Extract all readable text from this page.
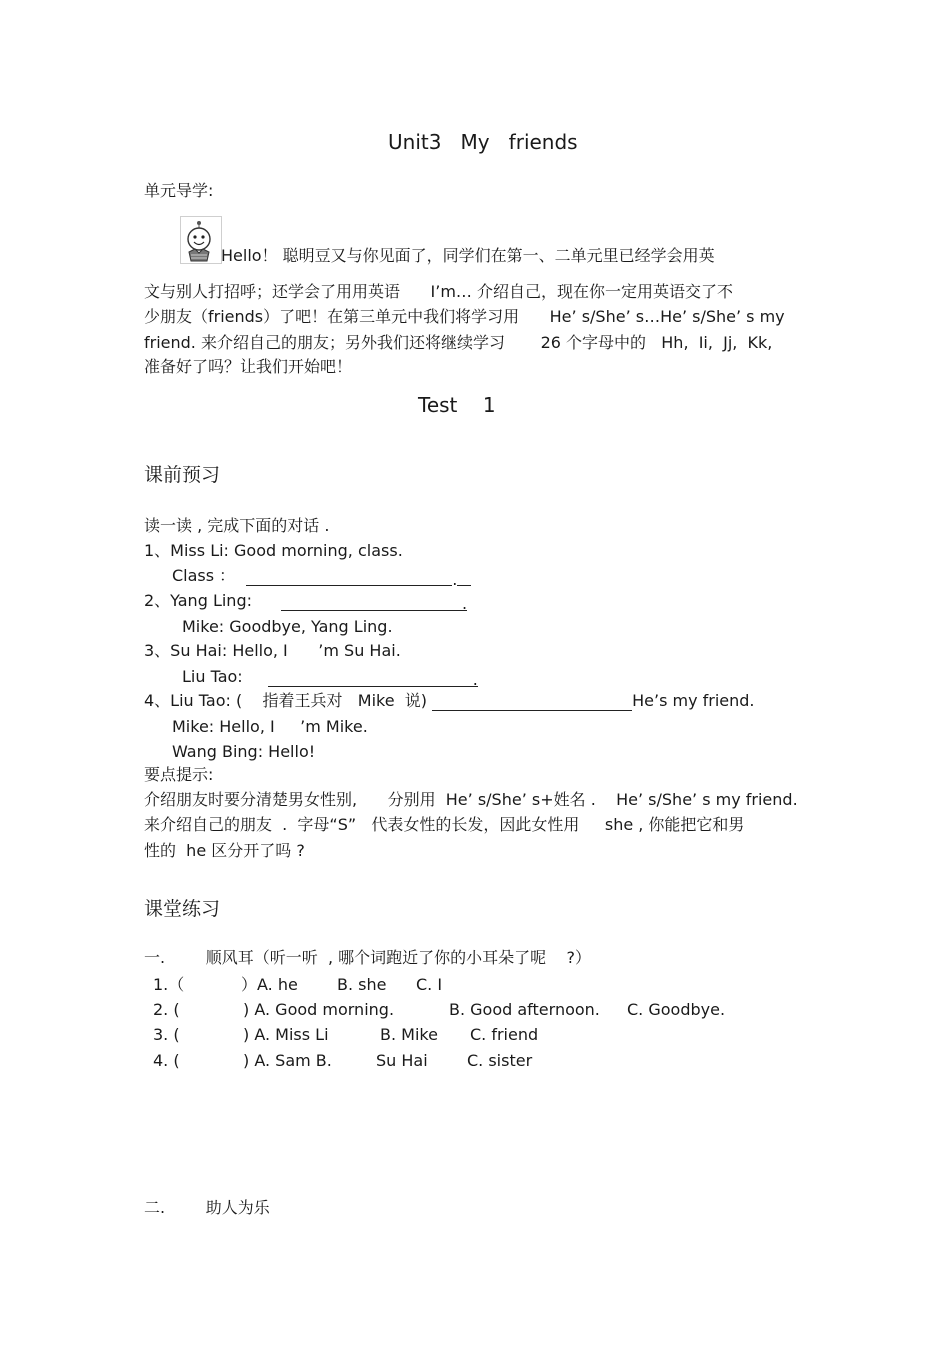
Unit3   My   friends
单元导学:
Hello！ 聪明豆又与你见面了，同学们在第一、二单元里已经学会用英
文与别人打招呼；还学会了用用英语      I’m… 介绍自己，现在你一定用英语交了不
少朋友（friends）了吧！在第三单元中我们将学习用      He’ s/She’ s…He’ s/She’ s my
friend. 来介绍自己的朋友；另外我们还将继续学习       26 个字母中的   Hh,  Ii,  Jj,  Kk,
准备好了吗？让我们开始吧！
Test    1
课前预习
读一读 , 完成下面的对话 .
1、Miss Li: Good morning, class.
Class ：	.
2、Yang Ling:	.
Mike: Goodbye, Yang Ling.
3、Su Hai: Hello, I      ’m Su Hai.
Liu Tao:	.
4、Liu Tao: (    指着王兵对   Mike  说)	He’s my friend.
Mike: Hello, I     ’m Mike.
Wang Bing: Hello!
要点提示:
介绍朋友时要分清楚男女性别,      分别用  He’ s/She’ s+姓名 .    He’ s/She’ s my friend.
来介绍自己的朋友  .  字母“S”   代表女性的长发，因此女性用     she , 你能把它和男
性的  he 区分开了吗 ?
课堂练习
一.        顺风耳（听一听  , 哪个词跑近了你的小耳朵了呢    ?）
1.（	）A. he B. she C. I
2. (	) A. Good morning.	B. Good afternoon. C. Goodbye.
3. (	) A. Miss Li	B. Mike C. friend
4. (	) A. Sam B.	Su Hai C. sister
二.        助人为乐
